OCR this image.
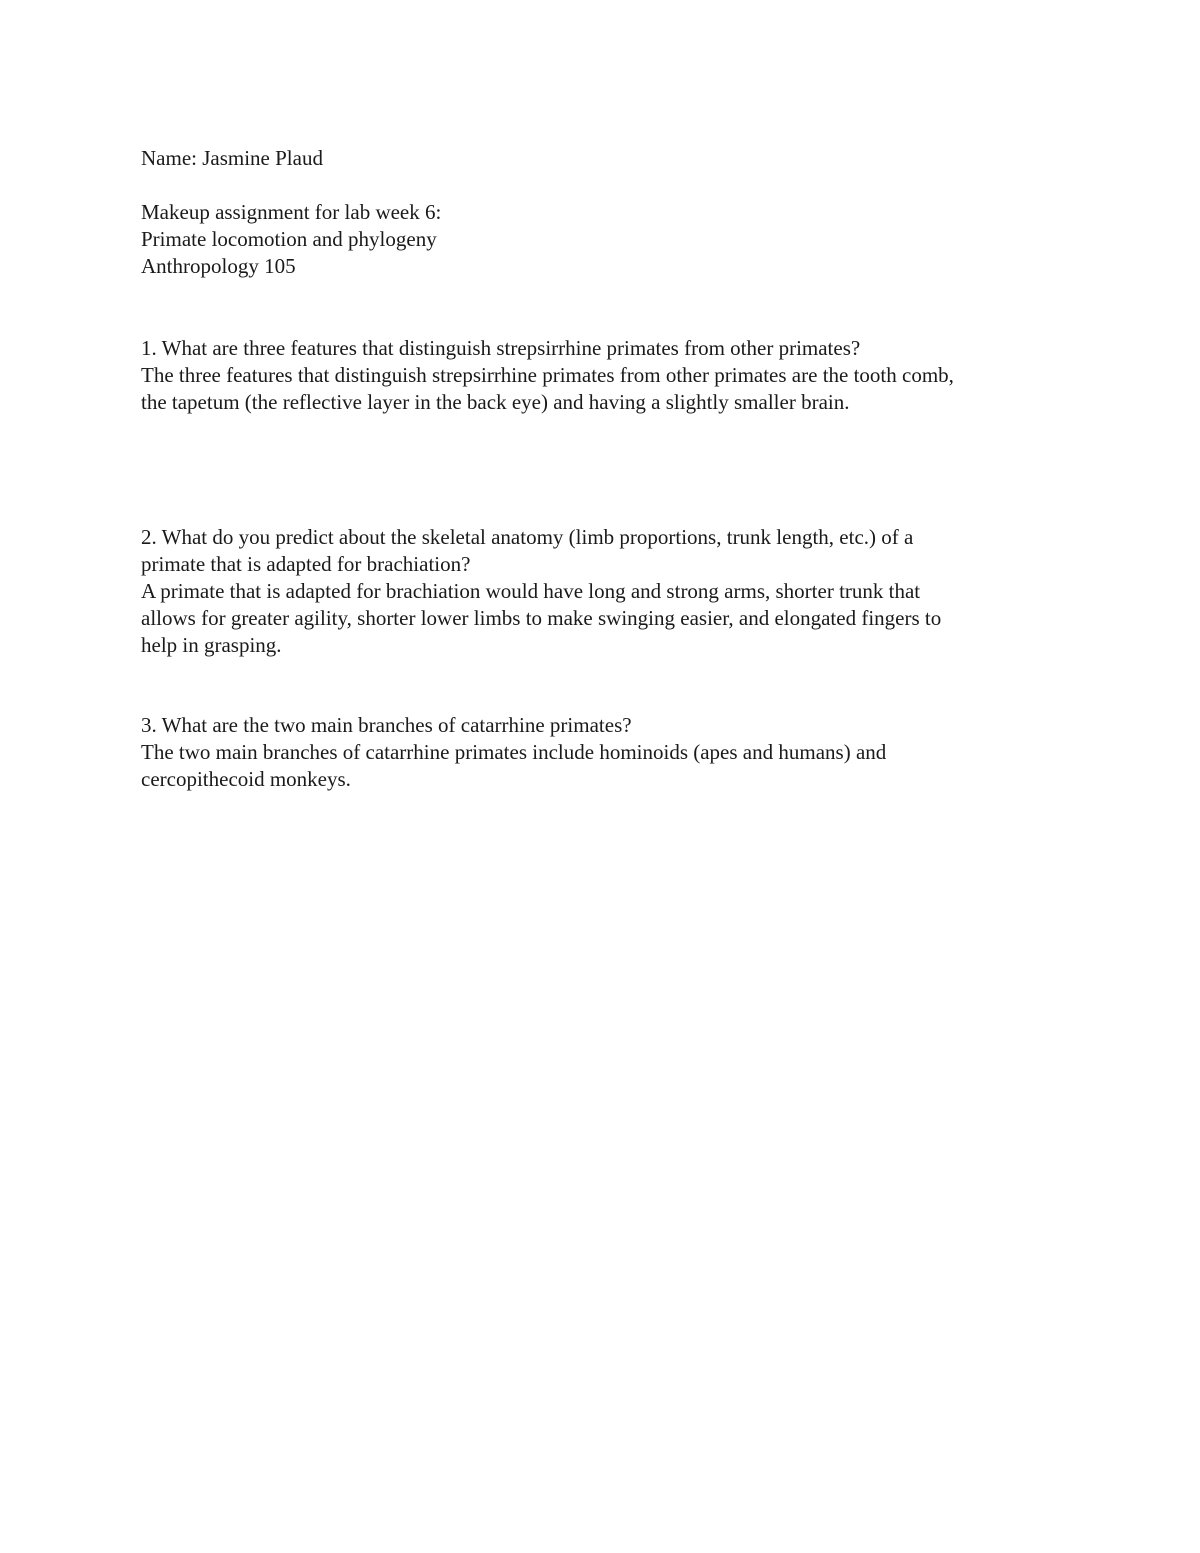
Name: Jasmine Plaud

Makeup assignment for lab week 6:

Primate locomotion and phylogeny

Anthropology 105

1. What are three features that distinguish strepsirrhine primates from other primates?

The three features that distinguish strepsirrhine primates from other primates are the tooth comb,

the tapetum (the reflective layer in the back eye) and having a slightly smaller brain.

2. What do you predict about the skeletal anatomy (limb proportions, trunk length, etc.) of a

primate that is adapted for brachiation?

A primate that is adapted for brachiation would have long and strong arms, shorter trunk that

allows for greater agility, shorter lower limbs to make swinging easier, and elongated fingers to

help in grasping.

3. What are the two main branches of catarrhine primates?

The two main branches of catarrhine primates include hominoids (apes and humans) and

cercopithecoid monkeys.
